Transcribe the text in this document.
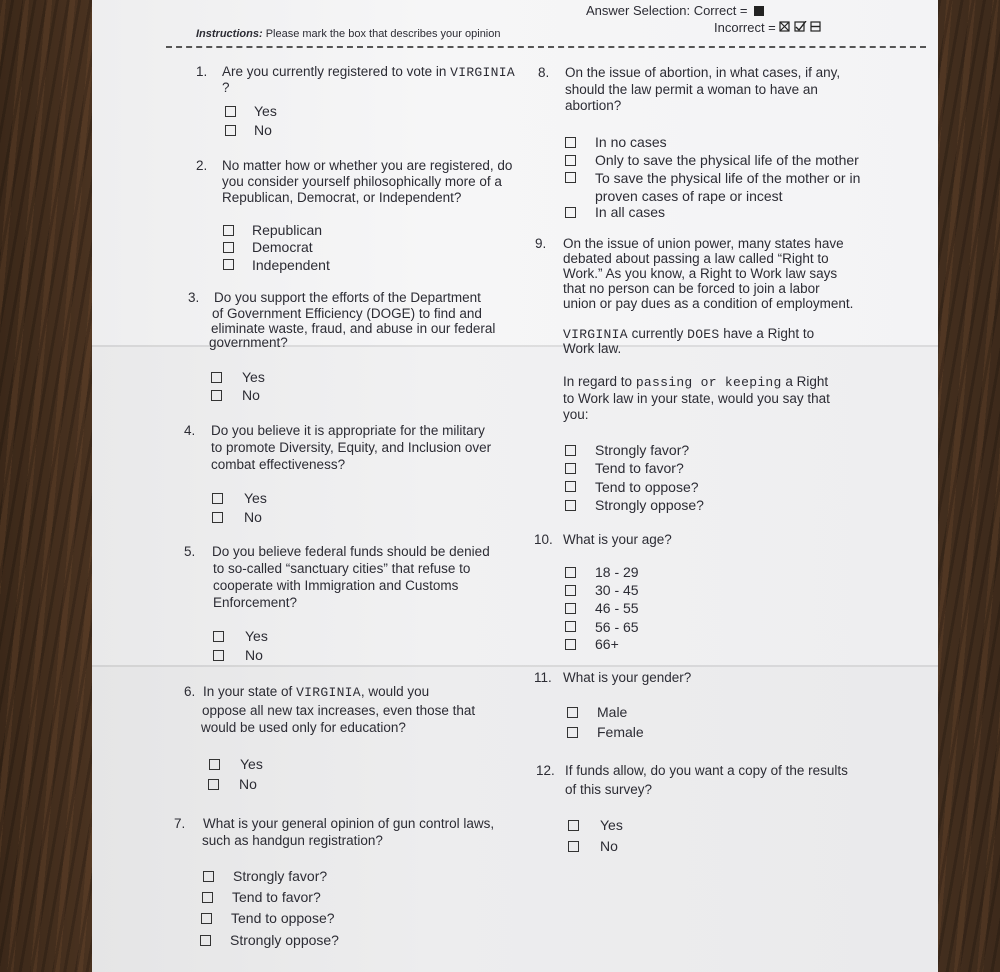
Answer Selection: Correct =
Incorrect =
Instructions: Please mark the box that describes your opinion
1. Are you currently registered to vote in VIRGINIA
?
Yes
No
2. No matter how or whether you are registered, do
you consider yourself philosophically more of a
Republican, Democrat, or Independent?
Republican
Democrat
Independent
3. Do you support the efforts of the Department
of Government Efficiency (DOGE) to find and
eliminate waste, fraud, and abuse in our federal
government?
Yes
No
4. Do you believe it is appropriate for the military
to promote Diversity, Equity, and Inclusion over
combat effectiveness?
Yes
No
5. Do you believe federal funds should be denied
to so-called “sanctuary cities” that refuse to
cooperate with Immigration and Customs
Enforcement?
Yes
No
6. In your state of VIRGINIA, would you
oppose all new tax increases, even those that
would be used only for education?
Yes
No
7. What is your general opinion of gun control laws,
such as handgun registration?
Strongly favor?
Tend to favor?
Tend to oppose?
Strongly oppose?
8. On the issue of abortion, in what cases, if any,
should the law permit a woman to have an
abortion?
In no cases
Only to save the physical life of the mother
To save the physical life of the mother or in
proven cases of rape or incest
In all cases
9. On the issue of union power, many states have
debated about passing a law called “Right to
Work.” As you know, a Right to Work law says
that no person can be forced to join a labor
union or pay dues as a condition of employment.
VIRGINIA currently DOES have a Right to
Work law.
In regard to passing or keeping a Right
to Work law in your state, would you say that
you:
Strongly favor?
Tend to favor?
Tend to oppose?
Strongly oppose?
10. What is your age?
18 - 29
30 - 45
46 - 55
56 - 65
66+
11. What is your gender?
Male
Female
12. If funds allow, do you want a copy of the results
of this survey?
Yes
No
